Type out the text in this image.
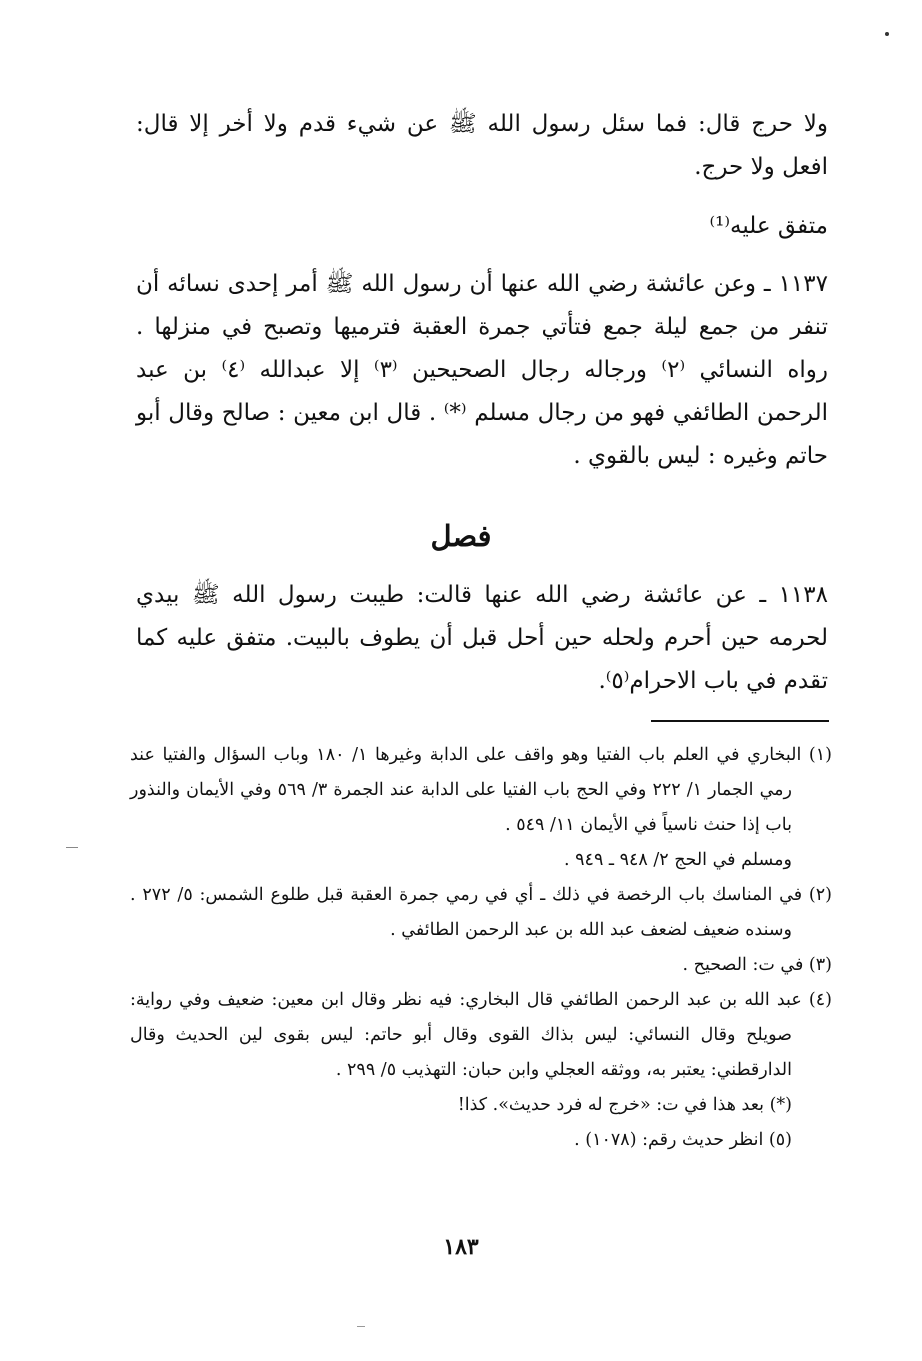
ولا حرج قال: فما سئل رسول الله ﷺ عن شيء قدم ولا أخر إلا قال: افعل ولا حرج.

متفق عليه⁽¹⁾

١١٣٧ ـ وعن عائشة رضي الله عنها أن رسول الله ﷺ أمر إحدى نسائه أن تنفر من جمع ليلة جمع فتأتي جمرة العقبة فترميها وتصبح في منزلها . رواه النسائي ⁽٢⁾ ورجاله رجال الصحيحين ⁽٣⁾ إلا عبدالله ⁽٤⁾ بن عبد الرحمن الطائفي فهو من رجال مسلم ⁽*⁾ . قال ابن معين : صالح وقال أبو حاتم وغيره : ليس بالقوي .

فصل

١١٣٨ ـ عن عائشة رضي الله عنها قالت: طيبت رسول الله ﷺ بيدي لحرمه حين أحرم ولحله حين أحل قبل أن يطوف بالبيت. متفق عليه كما تقدم في باب الاحرام⁽٥⁾.

(١) البخاري في العلم باب الفتيا وهو واقف على الدابة وغيرها ١/ ١٨٠ وباب السؤال والفتيا عند رمي الجمار ١/ ٢٢٢ وفي الحج باب الفتيا على الدابة عند الجمرة ٣/ ٥٦٩ وفي الأيمان والنذور باب إذا حنث ناسياً في الأيمان ١١/ ٥٤٩ .

ومسلم في الحج ٢/ ٩٤٨ ـ ٩٤٩ .

(٢) في المناسك باب الرخصة في ذلك ـ أي في رمي جمرة العقبة قبل طلوع الشمس: ٥/ ٢٧٢ . وسنده ضعيف لضعف عبد الله بن عبد الرحمن الطائفي .

(٣) في ت: الصحيح .

(٤) عبد الله بن عبد الرحمن الطائفي قال البخاري: فيه نظر وقال ابن معين: ضعيف وفي رواية: صويلح وقال النسائي: ليس بذاك القوى وقال أبو حاتم: ليس بقوى لين الحديث وقال الدارقطني: يعتبر به، ووثقه العجلي وابن حبان: التهذيب ٥/ ٢٩٩ .

(*) بعد هذا في ت: «خرج له فرد حديث». كذا!

(٥) انظر حديث رقم: (١٠٧٨) .

١٨٣
